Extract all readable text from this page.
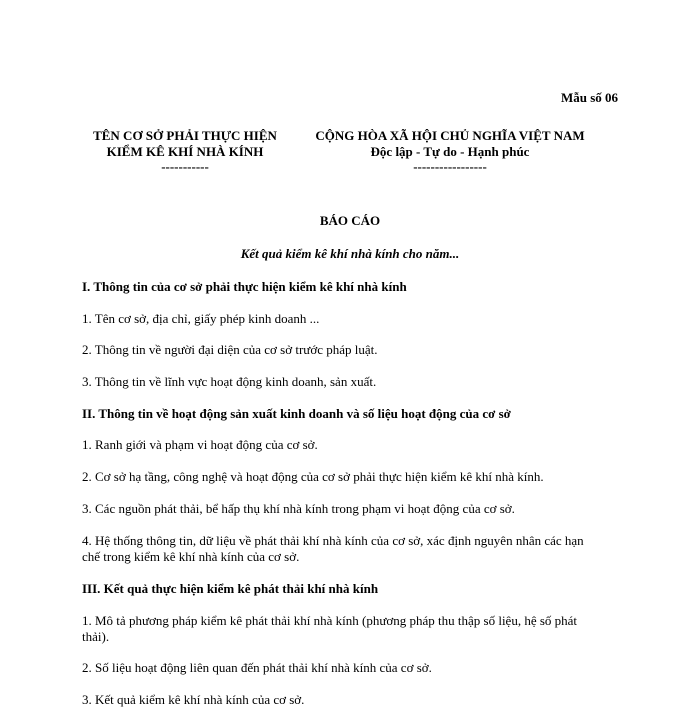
Mẫu số 06
TÊN CƠ SỞ PHẢI THỰC HIỆN
KIỂM KÊ KHÍ NHÀ KÍNH
-----------
CỘNG HÒA XÃ HỘI CHỦ NGHĨA VIỆT NAM
Độc lập - Tự do - Hạnh phúc
-----------------
BÁO CÁO
Kết quả kiểm kê khí nhà kính cho năm...
I. Thông tin của cơ sở phải thực hiện kiểm kê khí nhà kính
1. Tên cơ sở, địa chỉ, giấy phép kinh doanh ...
2. Thông tin về người đại diện của cơ sở trước pháp luật.
3. Thông tin về lĩnh vực hoạt động kinh doanh, sản xuất.
II. Thông tin về hoạt động sản xuất kinh doanh và số liệu hoạt động của cơ sở
1. Ranh giới và phạm vi hoạt động của cơ sở.
2. Cơ sở hạ tầng, công nghệ và hoạt động của cơ sở phải thực hiện kiểm kê khí nhà kính.
3. Các nguồn phát thải, bể hấp thụ khí nhà kính trong phạm vi hoạt động của cơ sở.
4. Hệ thống thông tin, dữ liệu về phát thải khí nhà kính của cơ sở, xác định nguyên nhân các hạn
chế trong kiểm kê khí nhà kính của cơ sở.
III. Kết quả thực hiện kiểm kê phát thải khí nhà kính
1. Mô tả phương pháp kiểm kê phát thải khí nhà kính (phương pháp thu thập số liệu, hệ số phát
thải).
2. Số liệu hoạt động liên quan đến phát thải khí nhà kính của cơ sở.
3. Kết quả kiểm kê khí nhà kính của cơ sở.
